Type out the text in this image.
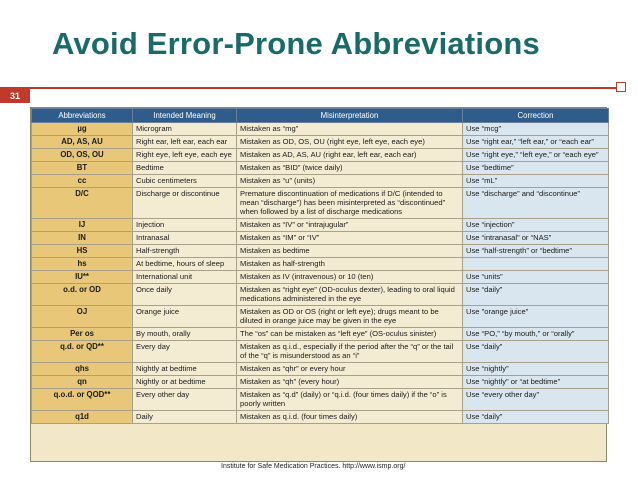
Avoid Error-Prone Abbreviations
31
Abbreviations	Intended Meaning	Misinterpretation	Correction
µg	Microgram	Mistaken as “mg”	Use “mcg”
AD, AS, AU	Right ear, left ear, each ear	Mistaken as OD, OS, OU (right eye, left eye, each eye)	Use “right ear,” “left ear,” or “each ear”
OD, OS, OU	Right eye, left eye, each eye	Mistaken as AD, AS, AU (right ear, left ear, each ear)	Use “right eye,” “left eye,” or “each eye”
BT	Bedtime	Mistaken as “BID” (twice daily)	Use “bedtime”
cc	Cubic centimeters	Mistaken as “u” (units)	Use “mL”
D/C	Discharge or discontinue	Premature discontinuation of medications if D/C (intended to mean “discharge”) has been misinterpreted as “discontinued” when followed by a list of discharge medications	Use “discharge” and “discontinue”
IJ	Injection	Mistaken as “IV” or “intrajugular”	Use “injection”
IN	Intranasal	Mistaken as “IM” or “IV”	Use “intranasal” or “NAS”
HS	Half-strength	Mistaken as bedtime	Use “half-strength” or “bedtime”
hs	At bedtime, hours of sleep	Mistaken as half-strength	
IU**	International unit	Mistaken as IV (intravenous) or 10 (ten)	Use “units”
o.d. or OD	Once daily	Mistaken as “right eye” (OD-oculus dexter), leading to oral liquid medications administered in the eye	Use “daily”
OJ	Orange juice	Mistaken as OD or OS (right or left eye); drugs meant to be diluted in orange juice may be given in the eye	Use "orange juice"
Per os	By mouth, orally	The “os” can be mistaken as “left eye” (OS-oculus sinister)	Use “PO,” “by mouth,” or “orally”
q.d. or QD**	Every day	Mistaken as q.i.d., especially if the period after the “q” or the tail of the “q” is misunderstood as an “i”	Use “daily”
qhs	Nightly at bedtime	Mistaken as “qhr” or every hour	Use “nightly”
qn	Nightly or at bedtime	Mistaken as “qh” (every hour)	Use “nightly” or “at bedtime”
q.o.d. or QOD**	Every other day	Mistaken as “q.d” (daily) or “q.i.d. (four times daily) if the “o” is poorly written	Use “every other day”
q1d	Daily	Mistaken as q.i.d. (four times daily)	Use “daily”
Institute for Safe Medication Practices. http://www.ismp.org/
